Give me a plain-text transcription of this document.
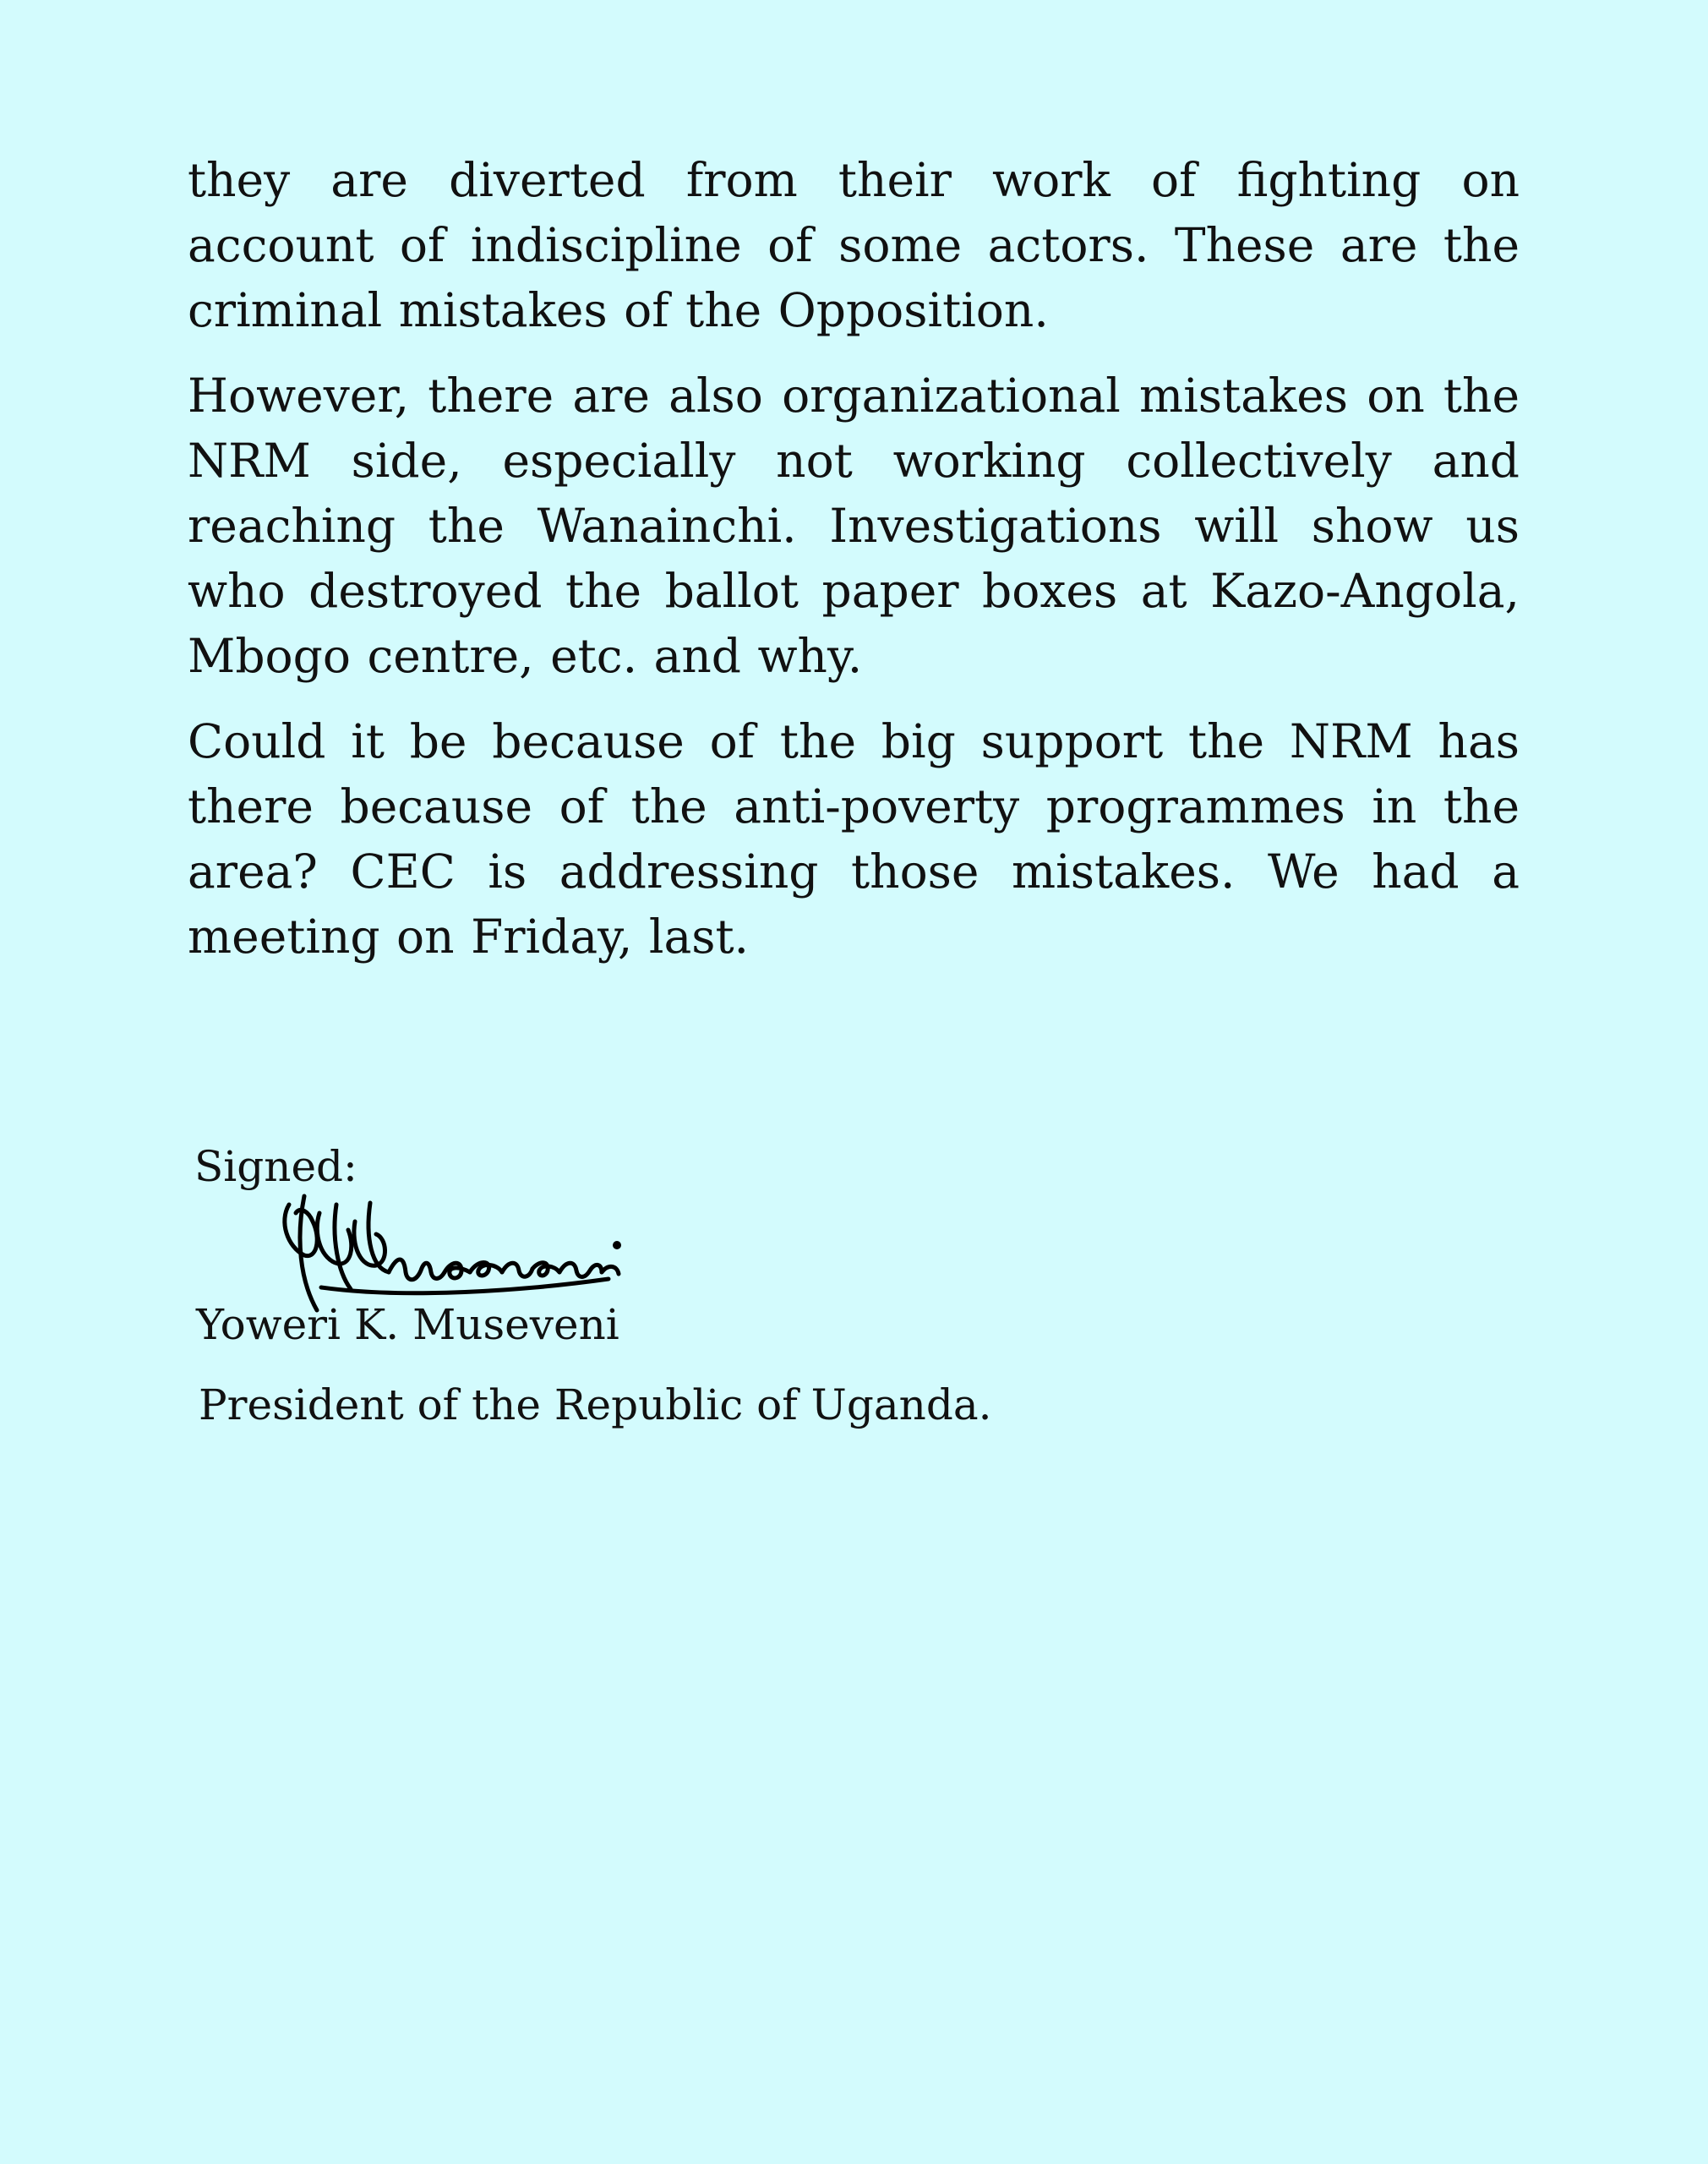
they are diverted from their work of fighting on account of indiscipline of some actors. These are the criminal mistakes of the Opposition.

However, there are also organizational mistakes on the NRM side, especially not working collectively and reaching the Wanainchi. Investigations will show us who destroyed the ballot paper boxes at Kazo-Angola, Mbogo centre, etc. and why.

Could it be because of the big support the NRM has there because of the anti-poverty programmes in the area? CEC is addressing those mistakes. We had a meeting on Friday, last.

Signed:
Yoweri K. Museveni
President of the Republic of Uganda.
